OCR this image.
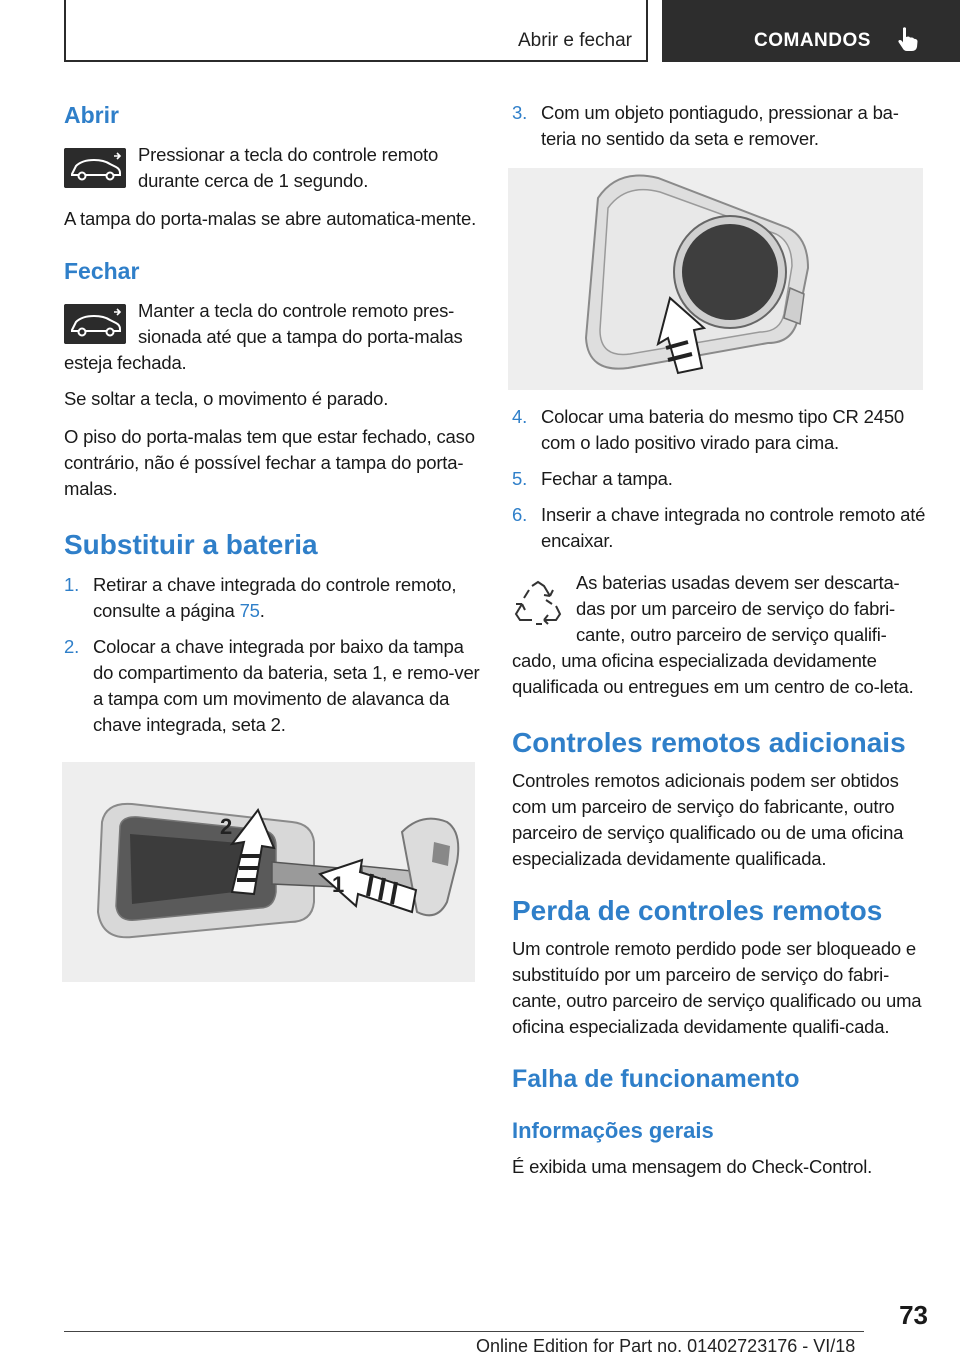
Abrir e fechar	COMANDOS
Abrir

Pressionar a tecla do controle remoto durante cerca de 1 segundo.

A tampa do porta-malas se abre automatica-mente.

Fechar

Manter a tecla do controle remoto pres-sionada até que a tampa do porta-malas esteja fechada.

Se soltar a tecla, o movimento é parado.

O piso do porta-malas tem que estar fechado, caso contrário, não é possível fechar a tampa do porta-malas.

Substituir a bateria
1. Retirar a chave integrada do controle remoto, consulte a página 75.
2. Colocar a chave integrada por baixo da tampa do compartimento da bateria, seta 1, e remo-ver a tampa com um movimento de alavanca da chave integrada, seta 2.
2
1
3. Com um objeto pontiagudo, pressionar a ba-teria no sentido da seta e remover.
4. Colocar uma bateria do mesmo tipo CR 2450 com o lado positivo virado para cima.
5. Fechar a tampa.
6. Inserir a chave integrada no controle remoto até encaixar.

As baterias usadas devem ser descarta-das por um parceiro de serviço do fabri-cante, outro parceiro de serviço qualifi-cado, uma oficina especializada devidamente qualificada ou entregues em um centro de co-leta.

Controles remotos adicionais

Controles remotos adicionais podem ser obtidos com um parceiro de serviço do fabricante, outro parceiro de serviço qualificado ou de uma oficina especializada devidamente qualificada.

Perda de controles remotos

Um controle remoto perdido pode ser bloqueado e substituído por um parceiro de serviço do fabri-cante, outro parceiro de serviço qualificado ou uma oficina especializada devidamente qualifi-cada.

Falha de funcionamento
Informações gerais

É exibida uma mensagem do Check-Control.

73
Online Edition for Part no. 01402723176 - VI/18
